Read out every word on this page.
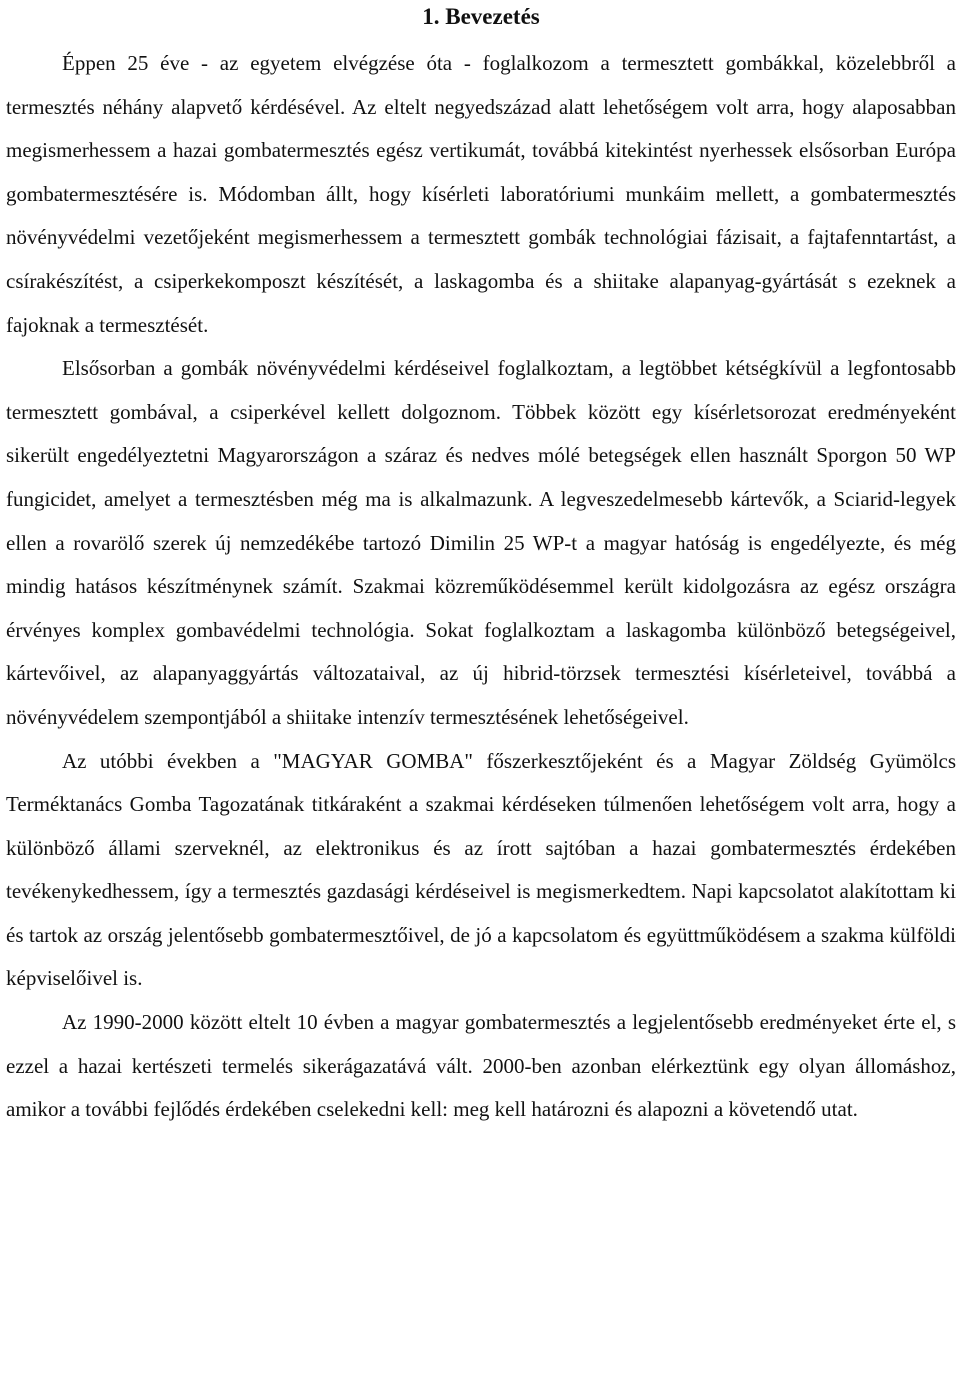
1. Bevezetés

Éppen 25 éve - az egyetem elvégzése óta - foglalkozom a termesztett gombákkal, közelebbről a termesztés néhány alapvető kérdésével. Az eltelt negyedszázad alatt lehetőségem volt arra, hogy alaposabban megismerhessem a hazai gombatermesztés egész vertikumát, továbbá kitekintést nyerhessek elsősorban Európa gombatermesztésére is. Módomban állt, hogy kísérleti laboratóriumi munkáim mellett, a gombatermesztés növényvédelmi vezetőjeként megismerhessem a termesztett gombák technológiai fázisait, a fajtafenntartást, a csírakészítést, a csiperkekomposzt készítését, a laskagomba és a shiitake alapanyag-gyártását s ezeknek a fajoknak a termesztését.

Elsősorban a gombák növényvédelmi kérdéseivel foglalkoztam, a legtöbbet kétségkívül a legfontosabb termesztett gombával, a csiperkével kellett dolgoznom. Többek között egy kísérletsorozat eredményeként sikerült engedélyeztetni Magyarországon a száraz és nedves mólé betegségek ellen használt Sporgon 50 WP fungicidet, amelyet a termesztésben még ma is alkalmazunk. A legveszedelmesebb kártevők, a Sciarid-legyek ellen a rovarölő szerek új nemzedékébe tartozó Dimilin 25 WP-t a magyar hatóság is engedélyezte, és még mindig hatásos készítménynek számít. Szakmai közreműködésemmel került kidolgozásra az egész országra érvényes komplex gombavédelmi technológia. Sokat foglalkoztam a laskagomba különböző betegségeivel, kártevőivel, az alapanyaggyártás változataival, az új hibrid-törzsek termesztési kísérleteivel, továbbá a növényvédelem szempontjából a shiitake intenzív termesztésének lehetőségeivel.

Az utóbbi években a "MAGYAR GOMBA" főszerkesztőjeként és a Magyar Zöldség Gyümölcs Terméktanács Gomba Tagozatának titkáraként a szakmai kérdéseken túlmenően lehetőségem volt arra, hogy a különböző állami szerveknél, az elektronikus és az írott sajtóban a hazai gombatermesztés érdekében tevékenykedhessem, így a termesztés gazdasági kérdéseivel is megismerkedtem. Napi kapcsolatot alakítottam ki és tartok az ország jelentősebb gombatermesztőivel, de jó a kapcsolatom és együttműködésem a szakma külföldi képviselőivel is.

Az 1990-2000 között eltelt 10 évben a magyar gombatermesztés a legjelentősebb eredményeket érte el, s ezzel a hazai kertészeti termelés sikerágazatává vált. 2000-ben azonban elérkeztünk egy olyan állomáshoz, amikor a további fejlődés érdekében cselekedni kell: meg kell határozni és alapozni a követendő utat.
